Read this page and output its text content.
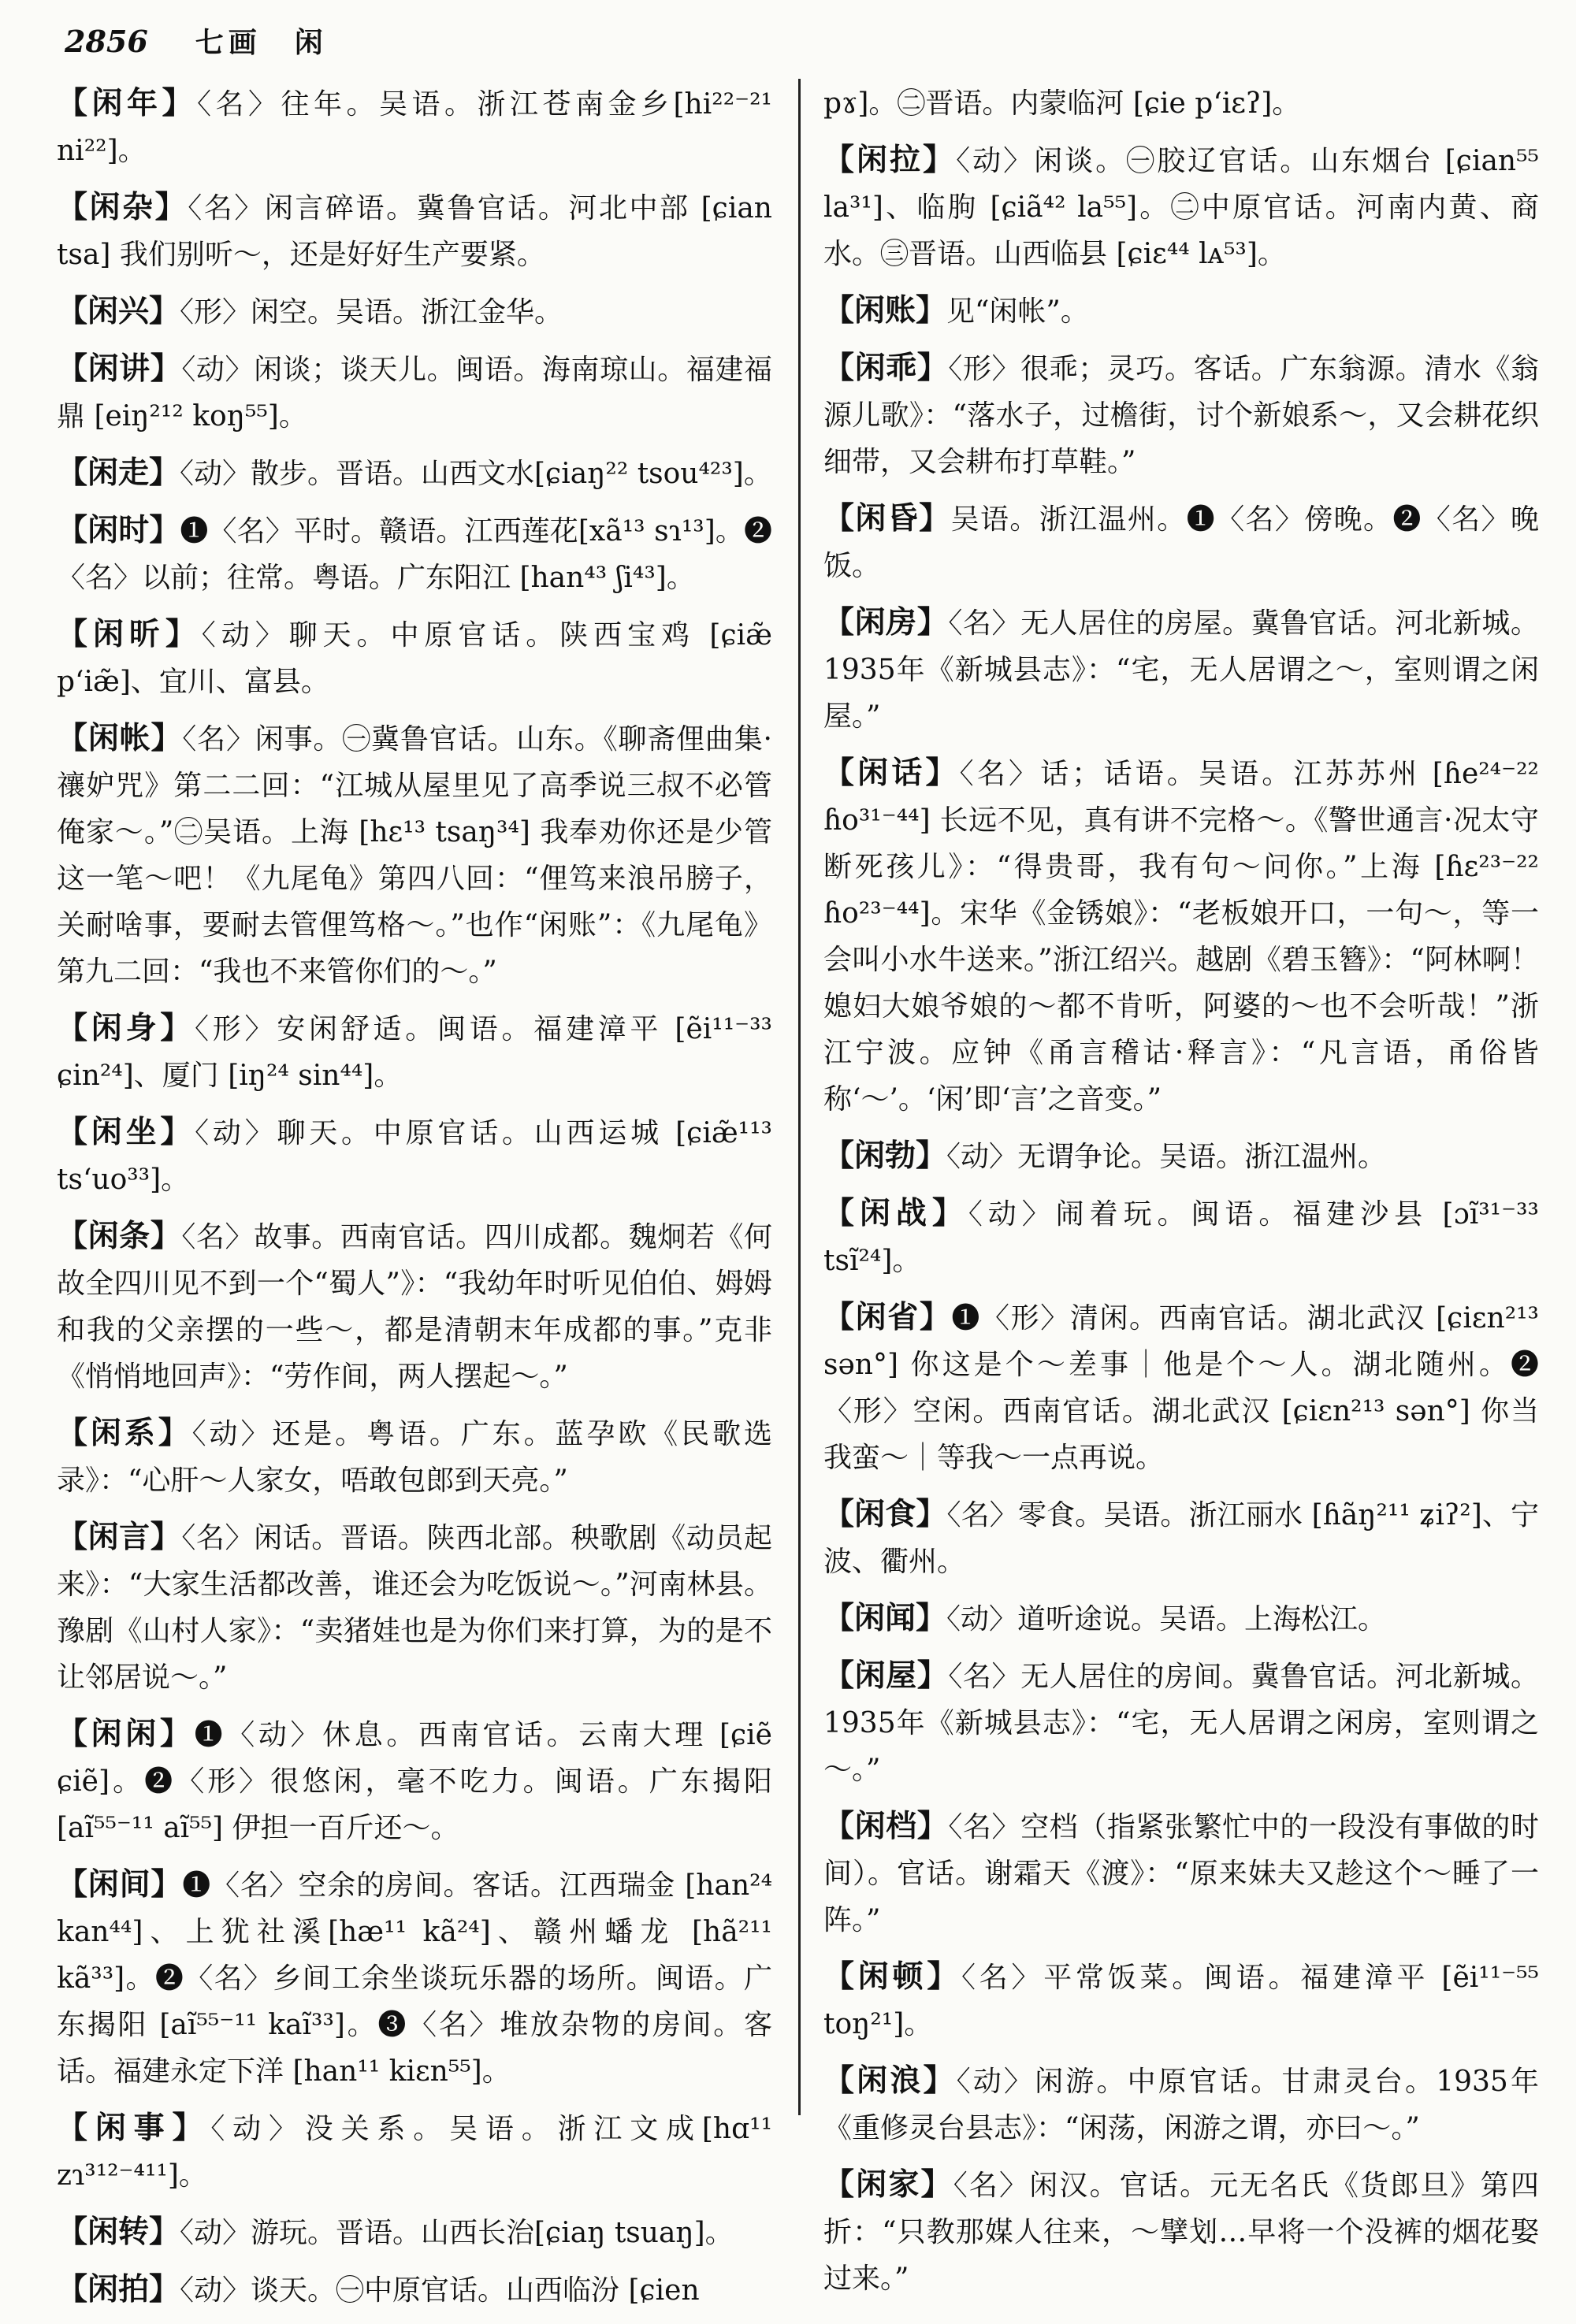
2856 七画　闲

【闲年】〈名〉往年。吴语。浙江苍南金乡[hi²²⁻²¹ ni²²]。

【闲杂】〈名〉闲言碎语。冀鲁官话。河北中部 [ɕian tsa] 我们别听～，还是好好生产要紧。

【闲兴】〈形〉闲空。吴语。浙江金华。

【闲讲】〈动〉闲谈；谈天儿。闽语。海南琼山。福建福鼎 [eiŋ²¹² koŋ⁵⁵]。

【闲走】〈动〉散步。晋语。山西文水[ɕiaŋ²² tsou⁴²³]。

【闲时】❶〈名〉平时。赣语。江西莲花[xã¹³ sɿ¹³]。❷〈名〉以前；往常。粤语。广东阳江 [han⁴³ ʃi⁴³]。

【闲昕】〈动〉聊天。中原官话。陕西宝鸡 [ɕiæ̃ pʻiæ̃]、宜川、富县。

【闲帐】〈名〉闲事。㊀冀鲁官话。山东。《聊斋俚曲集·禳妒咒》第二二回：“江城从屋里见了高季说三叔不必管俺家～。”㊁吴语。上海 [hɛ¹³ tsaŋ³⁴] 我奉劝你还是少管这一笔～吧！《九尾龟》第四八回：“俚笃来浪吊膀子，关耐啥事，要耐去管俚笃格～。”也作“闲账”：《九尾龟》第九二回：“我也不来管你们的～。”

【闲身】〈形〉安闲舒适。闽语。福建漳平 [ẽi¹¹⁻³³ ɕin²⁴]、厦门 [iŋ²⁴ sin⁴⁴]。

【闲坐】〈动〉聊天。中原官话。山西运城 [ɕiæ̃¹¹³ tsʻuo³³]。

【闲条】〈名〉故事。西南官话。四川成都。魏炯若《何故全四川见不到一个“蜀人”》：“我幼年时听见伯伯、姆姆和我的父亲摆的一些～，都是清朝末年成都的事。”克非《悄悄地回声》：“劳作间，两人摆起～。”

【闲系】〈动〉还是。粤语。广东。蓝孕欧《民歌选录》：“心肝～人家女，唔敢包郎到天亮。”

【闲言】〈名〉闲话。晋语。陕西北部。秧歌剧《动员起来》：“大家生活都改善，谁还会为吃饭说～。”河南林县。豫剧《山村人家》：“卖猪娃也是为你们来打算，为的是不让邻居说～。”

【闲闲】❶〈动〉休息。西南官话。云南大理 [ɕiẽ ɕiẽ]。❷〈形〉很悠闲，毫不吃力。闽语。广东揭阳 [aĩ⁵⁵⁻¹¹ aĩ⁵⁵] 伊担一百斤还～。

【闲间】❶〈名〉空余的房间。客话。江西瑞金 [han²⁴ kan⁴⁴]、上犹社溪[hæ¹¹ kã²⁴]、赣州蟠龙 [hã²¹¹ kã³³]。❷〈名〉乡间工余坐谈玩乐器的场所。闽语。广东揭阳 [aĩ⁵⁵⁻¹¹ kaĩ³³]。❸〈名〉堆放杂物的房间。客话。福建永定下洋 [han¹¹ kiɛn⁵⁵]。

【闲事】〈动〉没关系。吴语。浙江文成[hɑ¹¹ zɿ³¹²⁻⁴¹¹]。

【闲转】〈动〉游玩。晋语。山西长治[ɕiaŋ tsuaŋ]。

【闲拍】〈动〉谈天。㊀中原官话。山西临汾 [ɕien

pɤ]。㊁晋语。内蒙临河 [ɕie pʻiɛʔ]。

【闲拉】〈动〉闲谈。㊀胶辽官话。山东烟台 [ɕian⁵⁵ la³¹]、临朐 [ɕiã⁴² la⁵⁵]。㊁中原官话。河南内黄、商水。㊂晋语。山西临县 [ɕiɛ⁴⁴ lᴀ⁵³]。

【闲账】见“闲帐”。

【闲乖】〈形〉很乖；灵巧。客话。广东翁源。清水《翁源儿歌》：“落水子，过檐街，讨个新娘系～，又会耕花织细带，又会耕布打草鞋。”

【闲昏】吴语。浙江温州。❶〈名〉傍晚。❷〈名〉晚饭。

【闲房】〈名〉无人居住的房屋。冀鲁官话。河北新城。1935年《新城县志》：“宅，无人居谓之～，室则谓之闲屋。”

【闲话】〈名〉话；话语。吴语。江苏苏州 [ɦe²⁴⁻²² ɦo³¹⁻⁴⁴] 长远不见，真有讲不完格～。《警世通言·况太守断死孩儿》：“得贵哥，我有句～问你。”上海 [ɦɛ²³⁻²² ɦo²³⁻⁴⁴]。宋华《金锈娘》：“老板娘开口，一句～，等一会叫小水牛送来。”浙江绍兴。越剧《碧玉簪》：“阿林啊！媳妇大娘爷娘的～都不肯听，阿婆的～也不会听哉！”浙江宁波。应钟《甬言稽诂·释言》：“凡言语，甬俗皆称‘～’。‘闲’即‘言’之音变。”

【闲勃】〈动〉无谓争论。吴语。浙江温州。

【闲战】〈动〉闹着玩。闽语。福建沙县 [ɔĩ³¹⁻³³ tsĩ²⁴]。

【闲省】❶〈形〉清闲。西南官话。湖北武汉 [ɕiɛn²¹³ sən°] 你这是个～差事｜他是个～人。湖北随州。❷〈形〉空闲。西南官话。湖北武汉 [ɕiɛn²¹³ sən°] 你当我蛮～｜等我～一点再说。

【闲食】〈名〉零食。吴语。浙江丽水 [ɦãŋ²¹¹ ʑiʔ²]、宁波、衢州。

【闲闻】〈动〉道听途说。吴语。上海松江。

【闲屋】〈名〉无人居住的房间。冀鲁官话。河北新城。1935年《新城县志》：“宅，无人居谓之闲房，室则谓之～。”

【闲档】〈名〉空档（指紧张繁忙中的一段没有事做的时间）。官话。谢霜天《渡》：“原来妹夫又趁这个～睡了一阵。”

【闲顿】〈名〉平常饭菜。闽语。福建漳平 [ẽi¹¹⁻⁵⁵ toŋ²¹]。

【闲浪】〈动〉闲游。中原官话。甘肃灵台。1935年《重修灵台县志》：“闲荡，闲游之谓，亦曰～。”

【闲家】〈名〉闲汉。官话。元无名氏《货郎旦》第四折：“只教那媒人往来，～擘划…早将一个没裤的烟花娶过来。”
